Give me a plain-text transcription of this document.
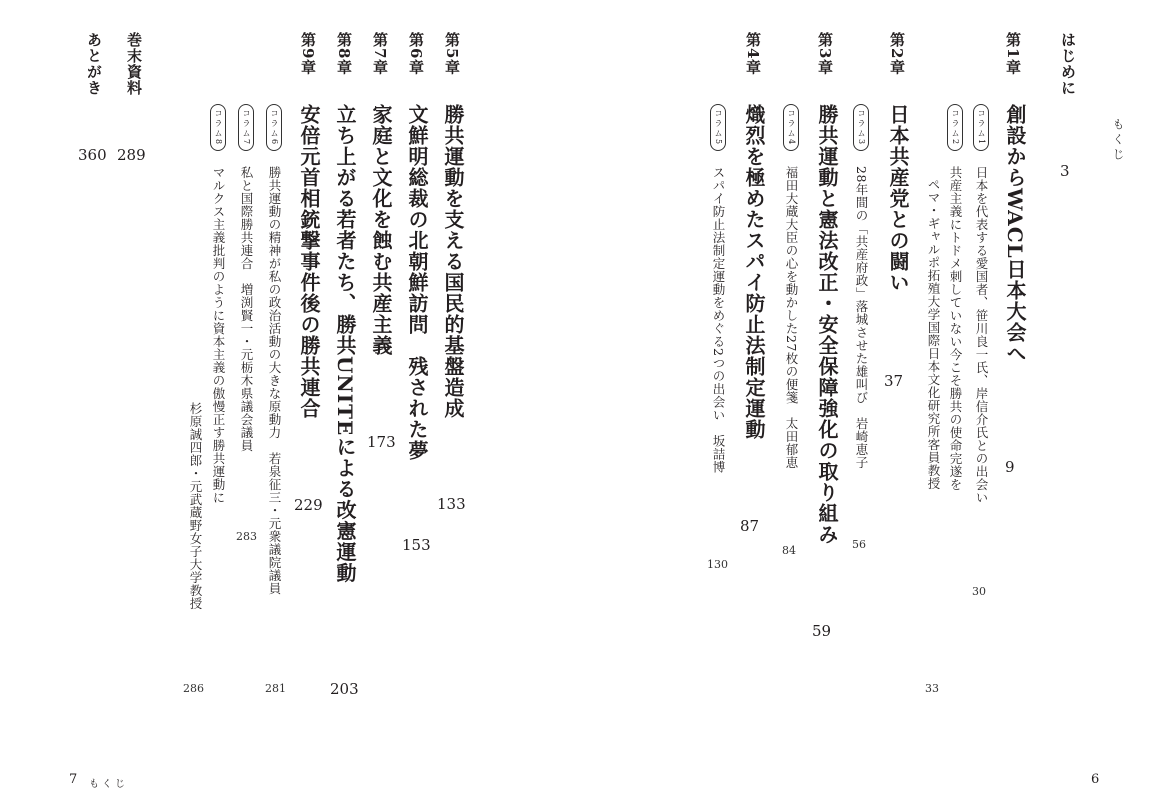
もくじ
はじめに
3
第1章
創設からWACL日本大会へ
9
コラム1
日本を代表する愛国者、笹川良一氏、岸信介氏との出会い
30
コラム2
共産主義にトドメ刺していない今こそ勝共の使命完遂を
ペマ・ギャルポ拓殖大学国際日本文化研究所客員教授
33
第2章
日本共産党との闘い
37
コラム3
28年間の「共産府政」落城させた雄叫び　岩崎恵子
56
第3章
勝共運動と憲法改正・安全保障強化の取り組み
59
コラム4
福田大蔵大臣の心を動かした27枚の便箋　太田郁恵
84
第4章
熾烈を極めたスパイ防止法制定運動
87
コラム5
スパイ防止法制定運動をめぐる2つの出会い　坂詰博
130
第5章
勝共運動を支える国民的基盤造成
133
第6章
文鮮明総裁の北朝鮮訪問　残された夢
153
第7章
家庭と文化を蝕む共産主義
173
第8章
立ち上がる若者たち、勝共UNITEによる改憲運動
203
第9章
安倍元首相銃撃事件後の勝共連合
229
コラム6
勝共運動の精神が私の政治活動の大きな原動力　若泉征三・元衆議院議員
281
コラム7
私と国際勝共連合　増渕賢一・元栃木県議会議員
283
コラム8
マルクス主義批判のように資本主義の傲慢正す勝共運動に
杉原誠四郎・元武蔵野女子大学教授
286
巻末資料
289
あとがき
360
6
7 もくじ
